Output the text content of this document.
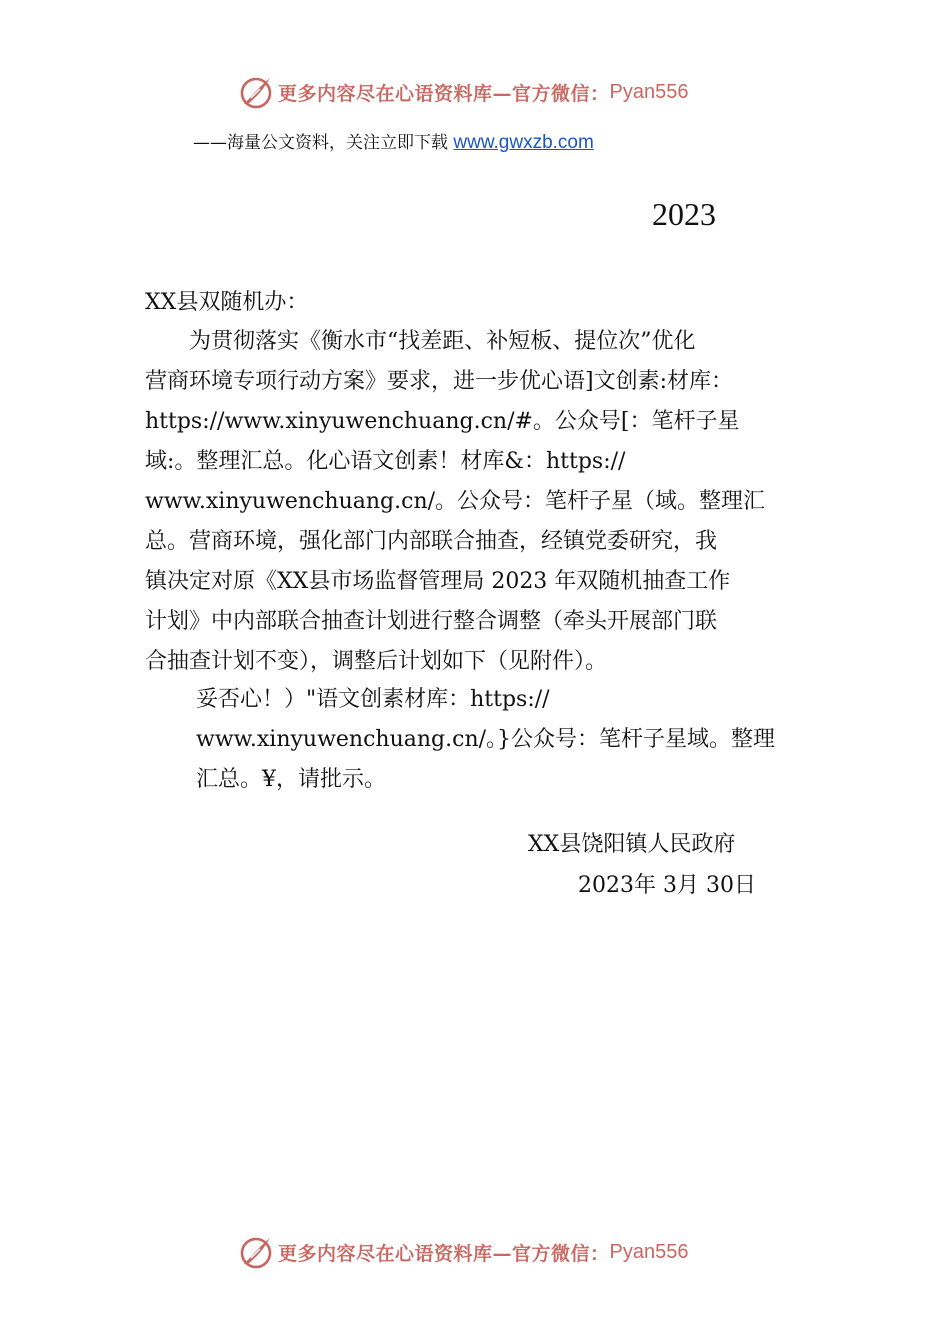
更多内容尽在心语资料库—官方微信： Pyan556
——海量公文资料，关注立即下载 www.gwxzb.com
2023
XX县双随机办：
　　为贯彻落实《衡水市“找差距、补短板、提位次”优化
营商环境专项行动方案》要求，进一步优心语]文创素:材库：
https://www.xinyuwenchuang.cn/#。公众号[：笔杆子星
域:。整理汇总。化心语文创素！材库&：https://
www.xinyuwenchuang.cn/。公众号：笔杆子星（域。整理汇
总。营商环境，强化部门内部联合抽查，经镇党委研究，我
镇决定对原《XX县市场监督管理局 2023 年双随机抽查工作
计划》中内部联合抽查计划进行整合调整（牵头开展部门联
合抽查计划不变），调整后计划如下（见附件）。
妥否心！）"语文创素材库：https://
www.xinyuwenchuang.cn/。}公众号：笔杆子星域。整理
汇总。¥，请批示。
XX县饶阳镇人民政府
2023年 3月 30日
更多内容尽在心语资料库—官方微信： Pyan556
